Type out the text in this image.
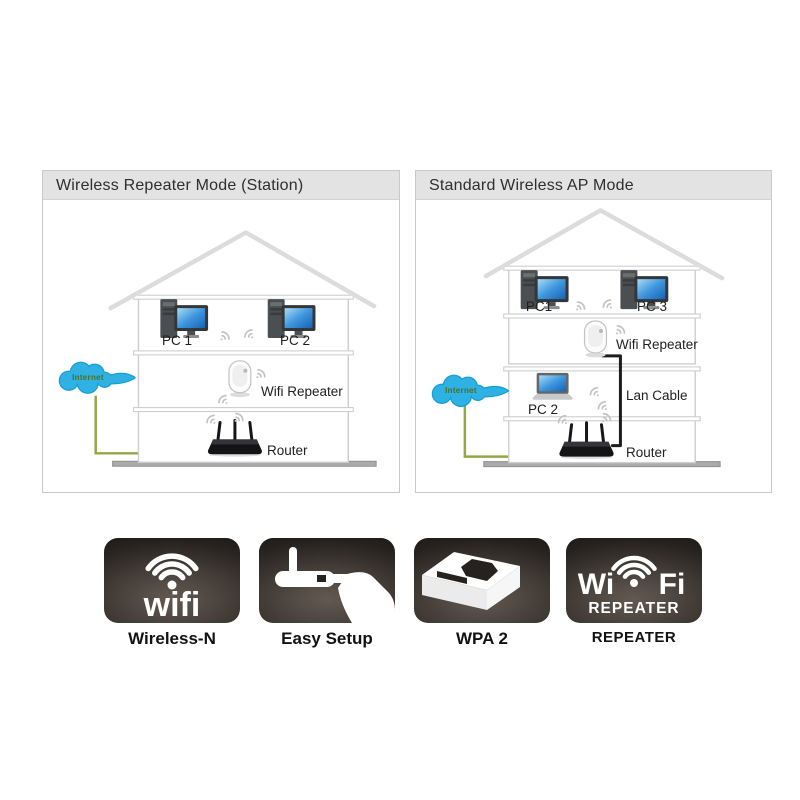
Wireless Repeater Mode (Station)
PC 1	PC 2
Wifi Repeater
Router
Internet
Standard Wireless AP Mode
PC1	PC 3
Wifi Repeater
PC 2
Lan Cable
Router
Internet
wifi
Wireless-N	Easy Setup	WPA 2
Wi Fi
REPEATER
REPEATER
